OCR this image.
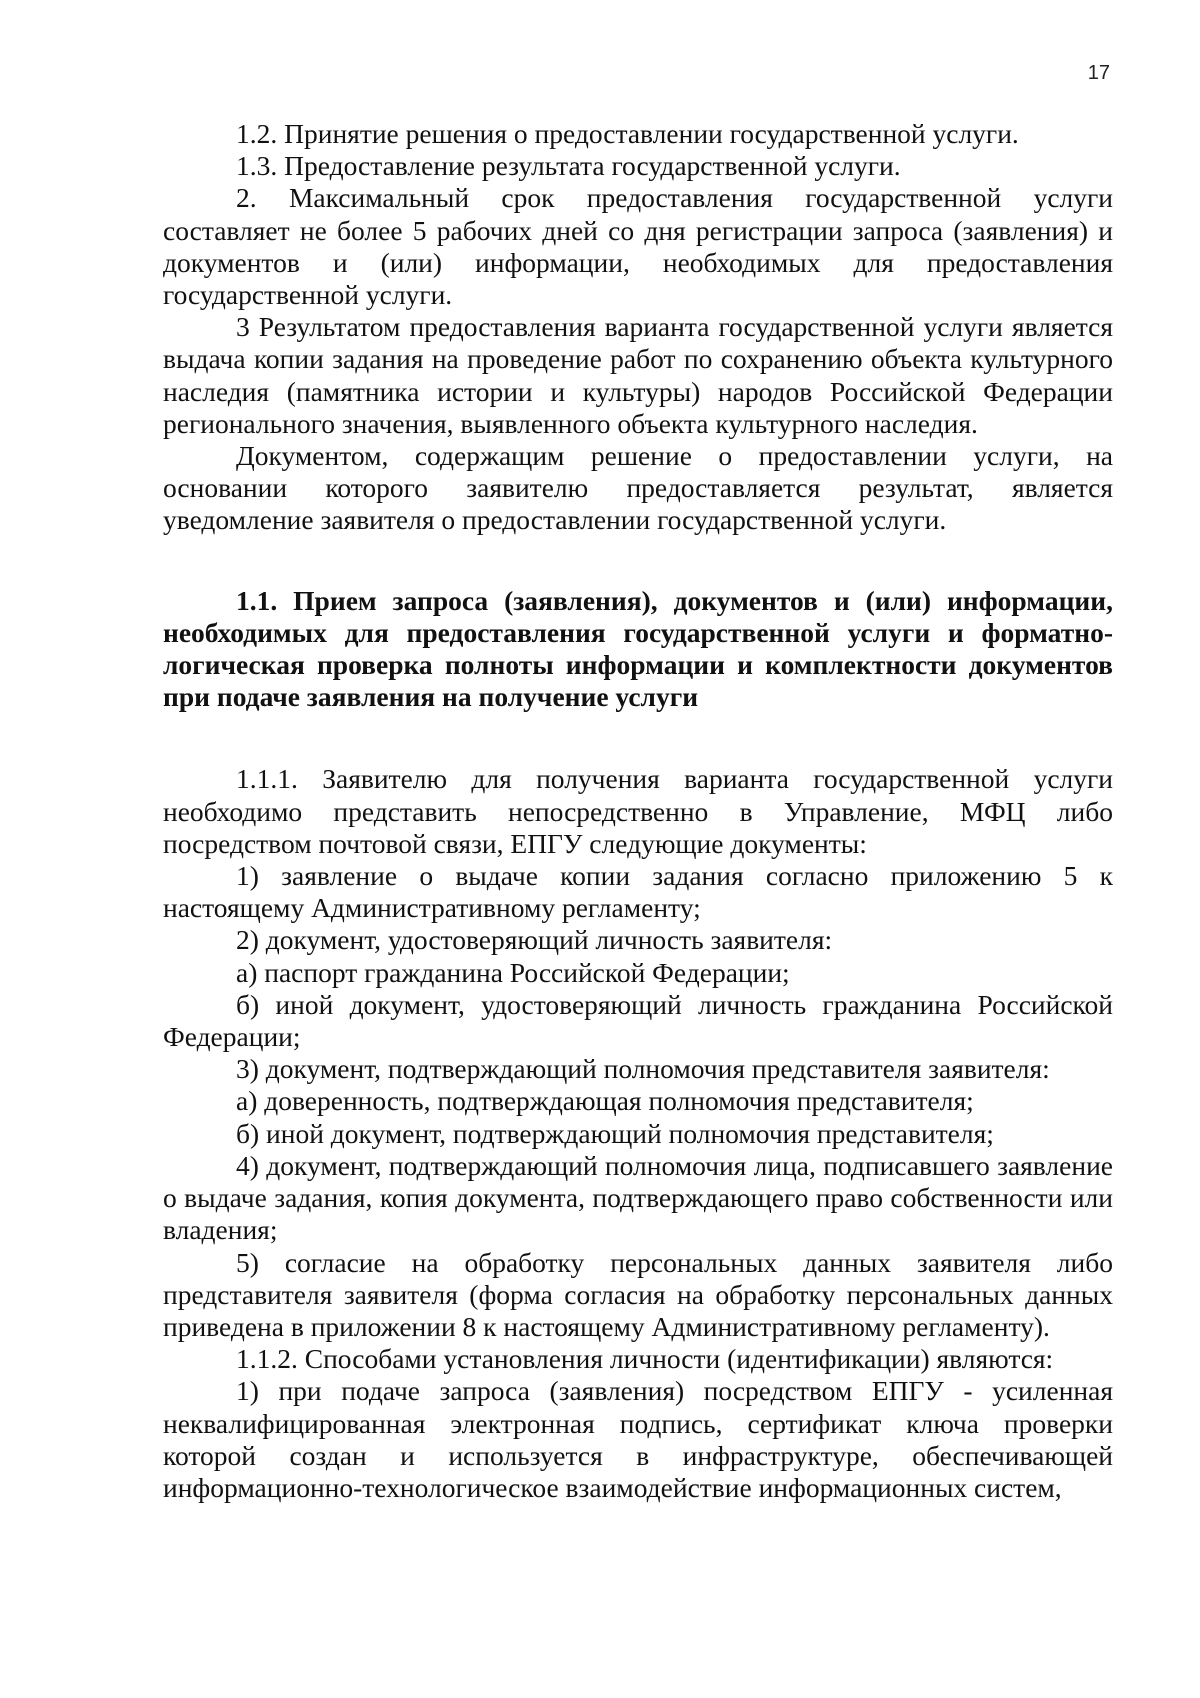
17

1.2. Принятие решения о предоставлении государственной услуги.

1.3. Предоставление результата государственной услуги.

2. Максимальный срок предоставления государственной услуги составляет не более 5 рабочих дней со дня регистрации запроса (заявления) и документов и (или) информации, необходимых для предоставления государственной услуги.

3 Результатом предоставления варианта государственной услуги является выдача копии задания на проведение работ по сохранению объекта культурного наследия (памятника истории и культуры) народов Российской Федерации регионального значения, выявленного объекта культурного наследия.

Документом, содержащим решение о предоставлении услуги, на основании которого заявителю предоставляется результат, является уведомление заявителя о предоставлении государственной услуги.

1.1. Прием запроса (заявления), документов и (или) информации, необходимых для предоставления государственной услуги и форматно-логическая проверка полноты информации и комплектности документов при подаче заявления на получение услуги

1.1.1. Заявителю для получения варианта государственной услуги необходимо представить непосредственно в Управление, МФЦ либо посредством почтовой связи, ЕПГУ следующие документы:

1) заявление о выдаче копии задания согласно приложению 5 к настоящему Административному регламенту;

2) документ, удостоверяющий личность заявителя:

а) паспорт гражданина Российской Федерации;

б) иной документ, удостоверяющий личность гражданина Российской Федерации;

3) документ, подтверждающий полномочия представителя заявителя:

а) доверенность, подтверждающая полномочия представителя;

б) иной документ, подтверждающий полномочия представителя;

4) документ, подтверждающий полномочия лица, подписавшего заявление о выдаче задания, копия документа, подтверждающего право собственности или владения;

5) согласие на обработку персональных данных заявителя либо представителя заявителя (форма согласия на обработку персональных данных приведена в приложении 8 к настоящему Административному регламенту).

1.1.2. Способами установления личности (идентификации) являются:

1) при подаче запроса (заявления) посредством ЕПГУ - усиленная неквалифицированная электронная подпись, сертификат ключа проверки которой создан и используется в инфраструктуре, обеспечивающей информационно-технологическое взаимодействие информационных систем,
